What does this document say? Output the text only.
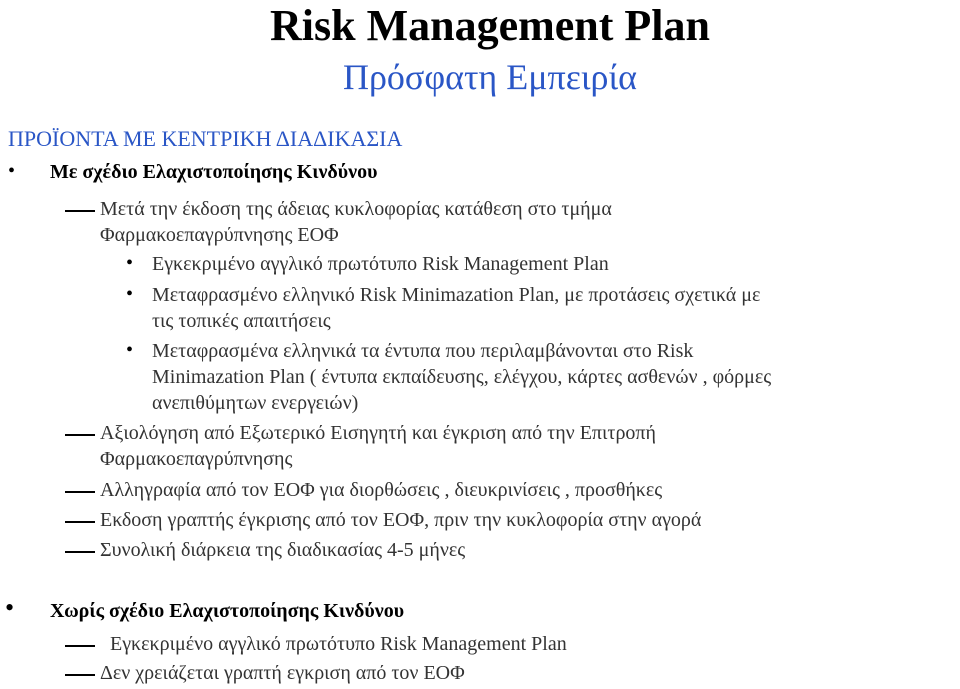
Risk Management Plan
Πρόσφατη Εμπειρία
ΠΡΟΪΟΝΤΑ ΜΕ ΚΕΝΤΡΙΚΗ ΔΙΑΔΙΚΑΣΙΑ
• Με σχέδιο Ελαχιστοποίησης Κινδύνου
Μετά την έκδοση της άδειας κυκλοφορίας κατάθεση στο τμήμα
Φαρμακοεπαγρύπνησης ΕΟΦ
• Εγκεκριμένο αγγλικό πρωτότυπο Risk Management Plan
• Μεταφρασμένο ελληνικό Risk Minimazation Plan, με προτάσεις σχετικά με
τις τοπικές απαιτήσεις
• Μεταφρασμένα ελληνικά τα έντυπα που περιλαμβάνονται στο Risk
Minimazation Plan ( έντυπα εκπαίδευσης, ελέγχου, κάρτες ασθενών , φόρμες
ανεπιθύμητων ενεργειών)
Αξιολόγηση από Εξωτερικό Εισηγητή και έγκριση από την Επιτροπή
Φαρμακοεπαγρύπνησης
Αλληγραφία από τον ΕΟΦ για διορθώσεις , διευκρινίσεις , προσθήκες
Εκδοση γραπτής έγκρισης από τον ΕΟΦ, πριν την κυκλοφορία στην αγορά
Συνολική διάρκεια της διαδικασίας 4-5 μήνες
• Χωρίς σχέδιο Ελαχιστοποίησης Κινδύνου
Εγκεκριμένο αγγλικό πρωτότυπο Risk Management Plan
Δεν χρειάζεται γραπτή εγκριση από τον ΕΟΦ
